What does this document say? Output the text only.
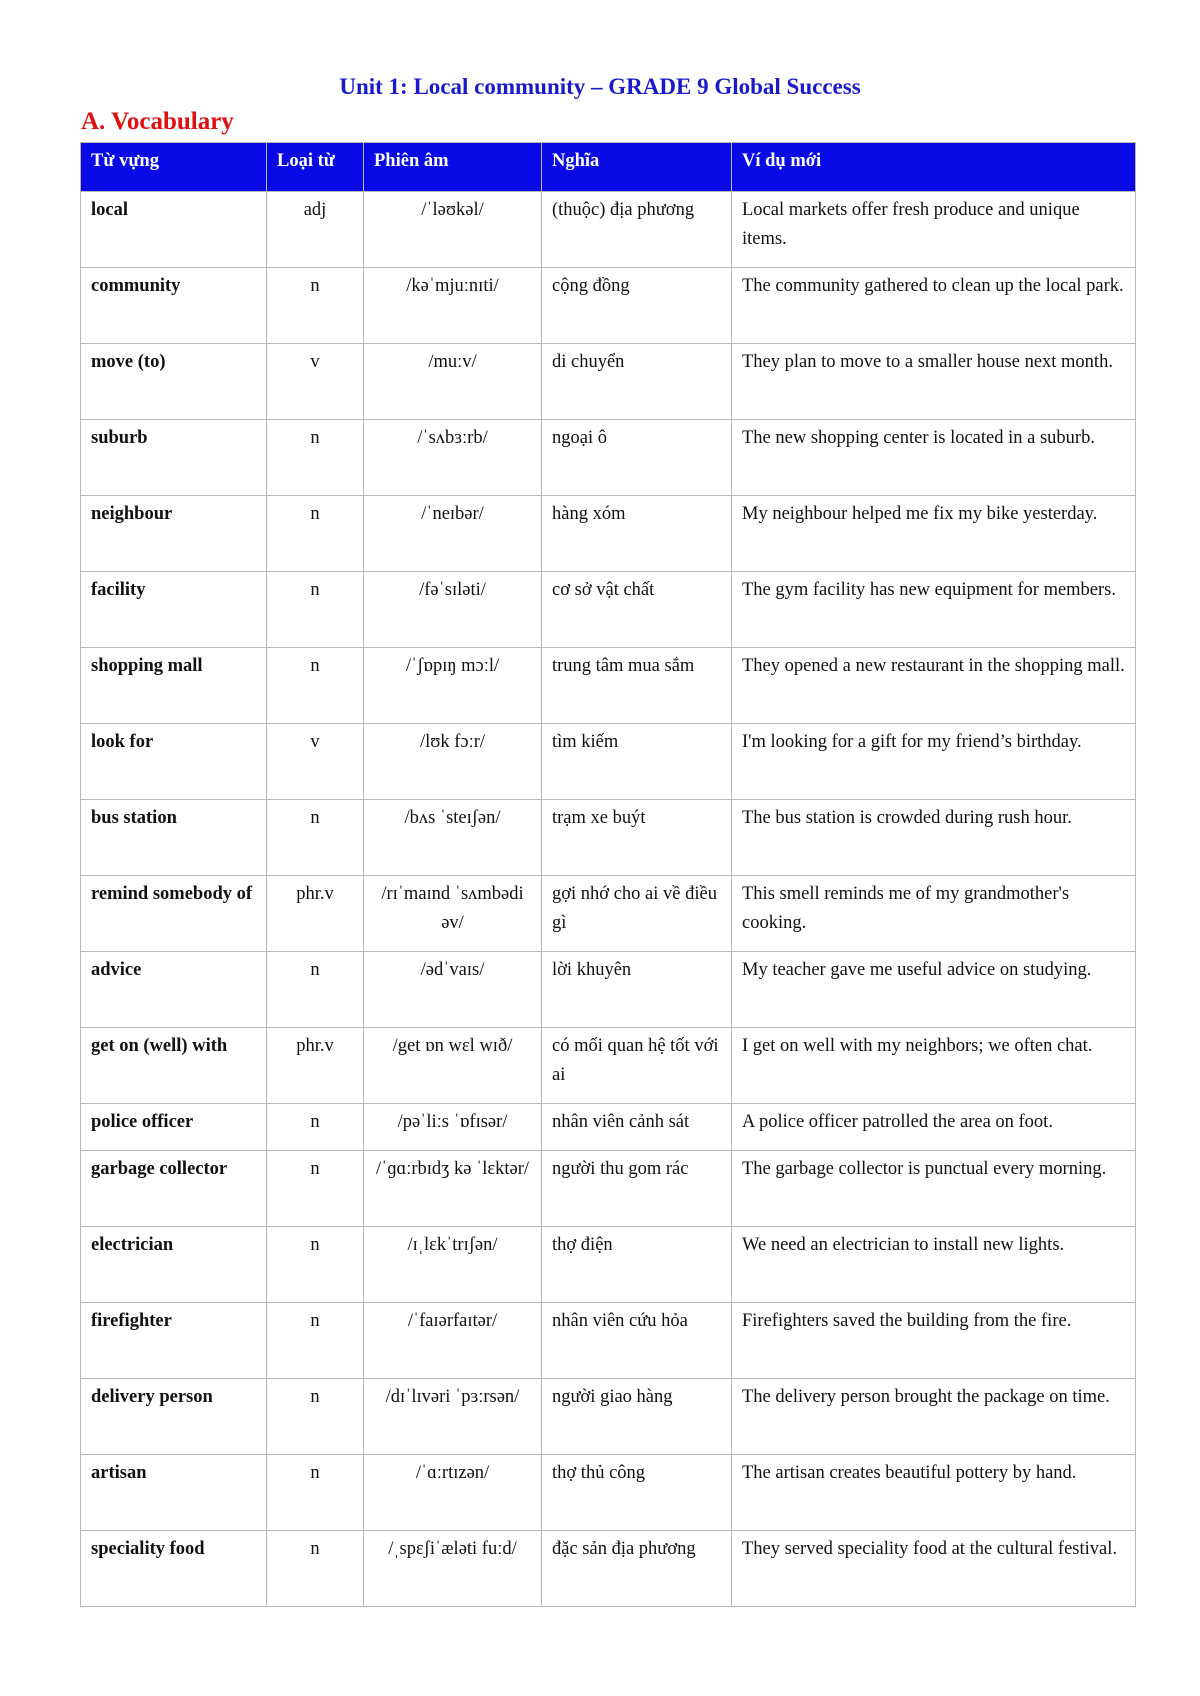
Unit 1: Local community – GRADE 9 Global Success
A. Vocabulary
Từ vựng	Loại từ	Phiên âm	Nghĩa	Ví dụ mới
local	adj	/ˈləʊkəl/	(thuộc) địa phương	Local markets offer fresh produce and unique items.
community	n	/kəˈmjuːnɪti/	cộng đồng	The community gathered to clean up the local park.
move (to)	v	/muːv/	di chuyển	They plan to move to a smaller house next month.
suburb	n	/ˈsʌbɜːrb/	ngoại ô	The new shopping center is located in a suburb.
neighbour	n	/ˈneɪbər/	hàng xóm	My neighbour helped me fix my bike yesterday.
facility	n	/fəˈsɪləti/	cơ sở vật chất	The gym facility has new equipment for members.
shopping mall	n	/ˈʃɒpɪŋ mɔːl/	trung tâm mua sắm	They opened a new restaurant in the shopping mall.
look for	v	/lʊk fɔːr/	tìm kiếm	I'm looking for a gift for my friend’s birthday.
bus station	n	/bʌs ˈsteɪʃən/	trạm xe buýt	The bus station is crowded during rush hour.
remind somebody of	phr.v	/rɪˈmaɪnd ˈsʌmbədi əv/	gợi nhớ cho ai về điều gì	This smell reminds me of my grandmother's cooking.
advice	n	/ədˈvaɪs/	lời khuyên	My teacher gave me useful advice on studying.
get on (well) with	phr.v	/get ɒn wɛl wɪð/	có mối quan hệ tốt với ai	I get on well with my neighbors; we often chat.
police officer	n	/pəˈliːs ˈɒfɪsər/	nhân viên cảnh sát	A police officer patrolled the area on foot.
garbage collector	n	/ˈɡɑːrbɪdʒ kə ˈlɛktər/	người thu gom rác	The garbage collector is punctual every morning.
electrician	n	/ɪˌlɛkˈtrɪʃən/	thợ điện	We need an electrician to install new lights.
firefighter	n	/ˈfaɪərfaɪtər/	nhân viên cứu hỏa	Firefighters saved the building from the fire.
delivery person	n	/dɪˈlɪvəri ˈpɜːrsən/	người giao hàng	The delivery person brought the package on time.
artisan	n	/ˈɑːrtɪzən/	thợ thủ công	The artisan creates beautiful pottery by hand.
speciality food	n	/ˌspɛʃiˈæləti fuːd/	đặc sản địa phương	They served speciality food at the cultural festival.
